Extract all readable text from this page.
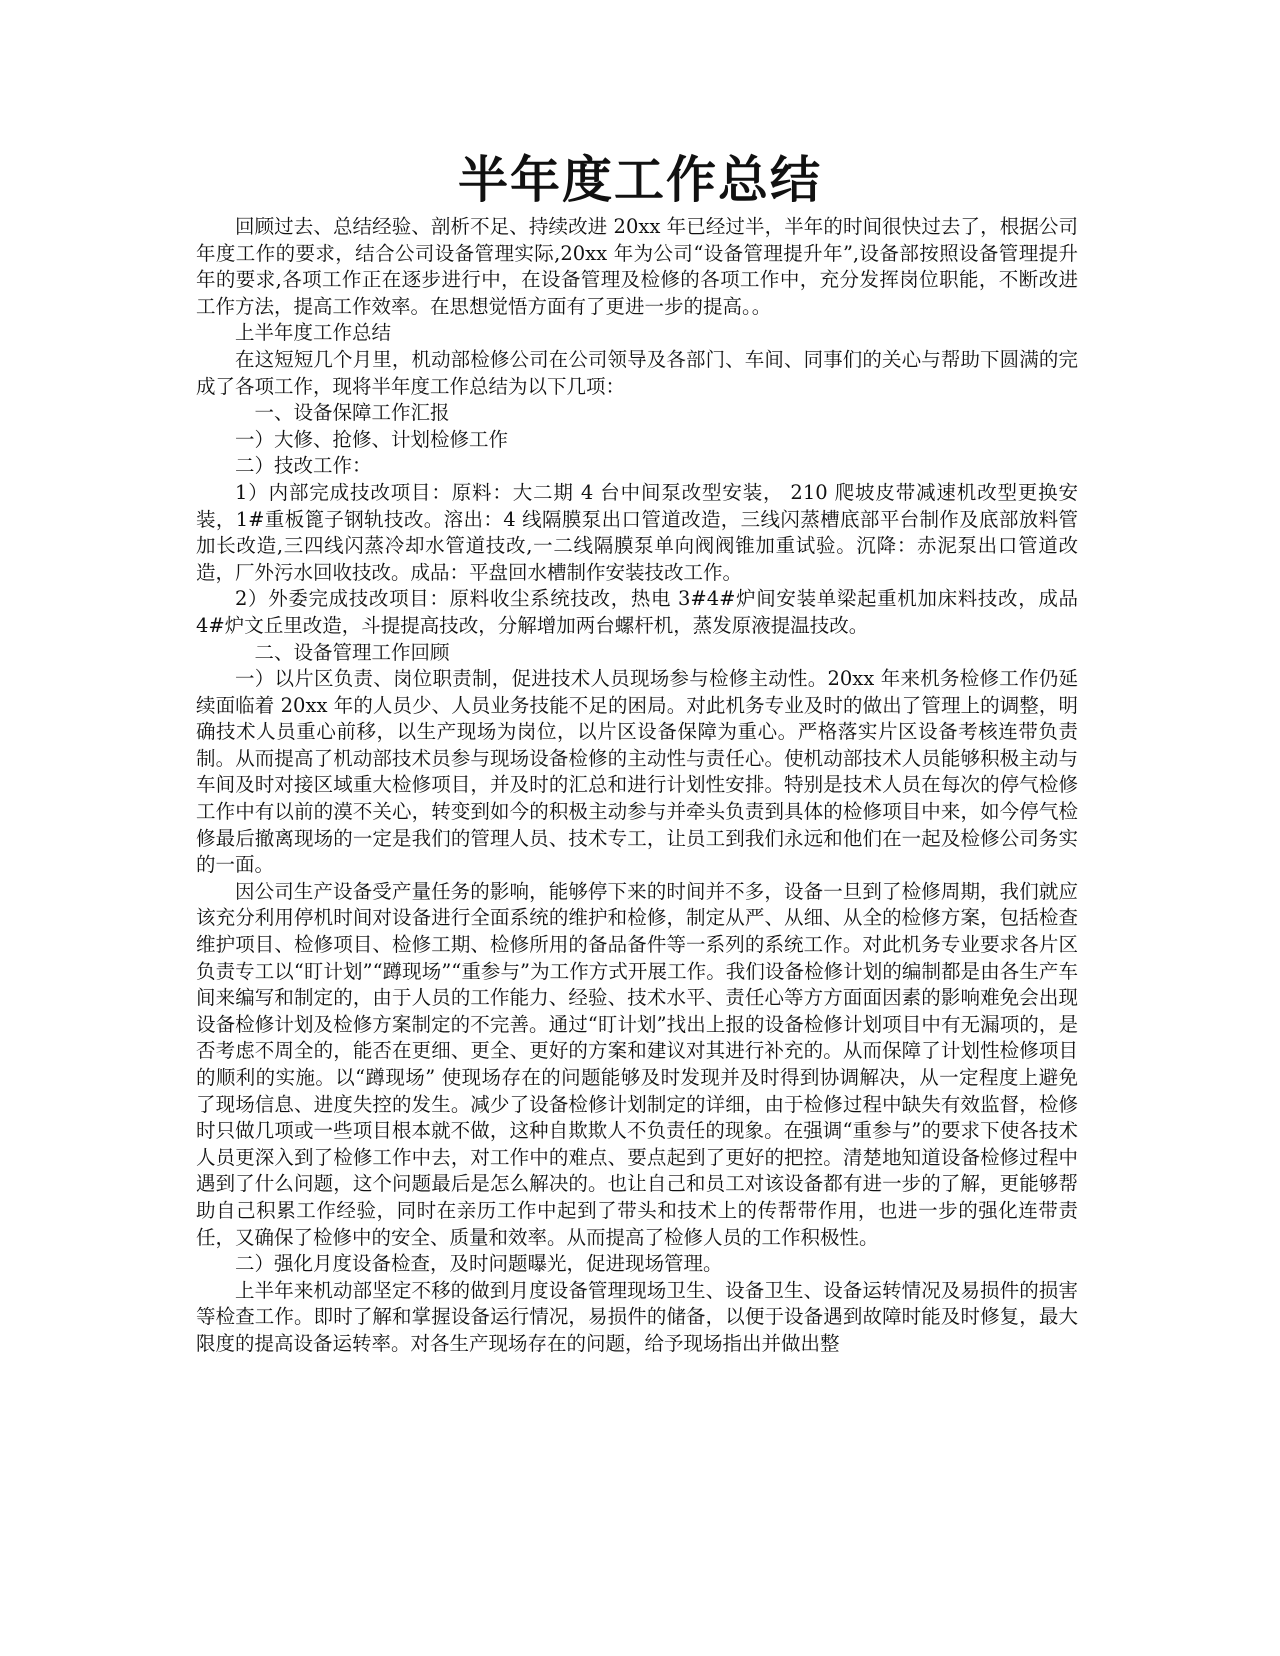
半年度工作总结

回顾过去、总结经验、剖析不足、持续改进 20xx 年已经过半，半年的时间很快过去了，根据公司年度工作的要求，结合公司设备管理实际,20xx 年为公司“设备管理提升年”,设备部按照设备管理提升年的要求,各项工作正在逐步进行中，在设备管理及检修的各项工作中，充分发挥岗位职能，不断改进工作方法，提高工作效率。在思想觉悟方面有了更进一步的提高。。

上半年度工作总结

在这短短几个月里，机动部检修公司在公司领导及各部门、车间、同事们的关心与帮助下圆满的完成了各项工作，现将半年度工作总结为以下几项：

一、设备保障工作汇报

一）大修、抢修、计划检修工作

二）技改工作：

1）内部完成技改项目：原料：大二期 4 台中间泵改型安装， 210 爬坡皮带减速机改型更换安装，1#重板篦子钢轨技改。溶出：4 线隔膜泵出口管道改造，三线闪蒸槽底部平台制作及底部放料管加长改造,三四线闪蒸冷却水管道技改,一二线隔膜泵单向阀阀锥加重试验。沉降：赤泥泵出口管道改造，厂外污水回收技改。成品：平盘回水槽制作安装技改工作。

2）外委完成技改项目：原料收尘系统技改，热电 3#4#炉间安装单梁起重机加床料技改，成品 4#炉文丘里改造，斗提提高技改，分解增加两台螺杆机，蒸发原液提温技改。

二、设备管理工作回顾

一）以片区负责、岗位职责制，促进技术人员现场参与检修主动性。20xx 年来机务检修工作仍延续面临着 20xx 年的人员少、人员业务技能不足的困局。对此机务专业及时的做出了管理上的调整，明确技术人员重心前移，以生产现场为岗位，以片区设备保障为重心。严格落实片区设备考核连带负责制。从而提高了机动部技术员参与现场设备检修的主动性与责任心。使机动部技术人员能够积极主动与车间及时对接区域重大检修项目，并及时的汇总和进行计划性安排。特别是技术人员在每次的停气检修工作中有以前的漠不关心，转变到如今的积极主动参与并牵头负责到具体的检修项目中来，如今停气检修最后撤离现场的一定是我们的管理人员、技术专工，让员工到我们永远和他们在一起及检修公司务实的一面。

因公司生产设备受产量任务的影响，能够停下来的时间并不多，设备一旦到了检修周期，我们就应该充分利用停机时间对设备进行全面系统的维护和检修，制定从严、从细、从全的检修方案，包括检查维护项目、检修项目、检修工期、检修所用的备品备件等一系列的系统工作。对此机务专业要求各片区负责专工以“盯计划”“蹲现场”“重参与”为工作方式开展工作。我们设备检修计划的编制都是由各生产车间来编写和制定的，由于人员的工作能力、经验、技术水平、责任心等方方面面因素的影响难免会出现设备检修计划及检修方案制定的不完善。通过“盯计划”找出上报的设备检修计划项目中有无漏项的，是否考虑不周全的，能否在更细、更全、更好的方案和建议对其进行补充的。从而保障了计划性检修项目的顺利的实施。以“蹲现场” 使现场存在的问题能够及时发现并及时得到协调解决，从一定程度上避免了现场信息、进度失控的发生。减少了设备检修计划制定的详细，由于检修过程中缺失有效监督，检修时只做几项或一些项目根本就不做，这种自欺欺人不负责任的现象。在强调“重参与”的要求下使各技术人员更深入到了检修工作中去，对工作中的难点、要点起到了更好的把控。清楚地知道设备检修过程中遇到了什么问题，这个问题最后是怎么解决的。也让自己和员工对该设备都有进一步的了解，更能够帮助自己积累工作经验，同时在亲历工作中起到了带头和技术上的传帮带作用，也进一步的强化连带责任，又确保了检修中的安全、质量和效率。从而提高了检修人员的工作积极性。

二）强化月度设备检查，及时问题曝光，促进现场管理。

上半年来机动部坚定不移的做到月度设备管理现场卫生、设备卫生、设备运转情况及易损件的损害等检查工作。即时了解和掌握设备运行情况，易损件的储备，以便于设备遇到故障时能及时修复，最大限度的提高设备运转率。对各生产现场存在的问题，给予现场指出并做出整
